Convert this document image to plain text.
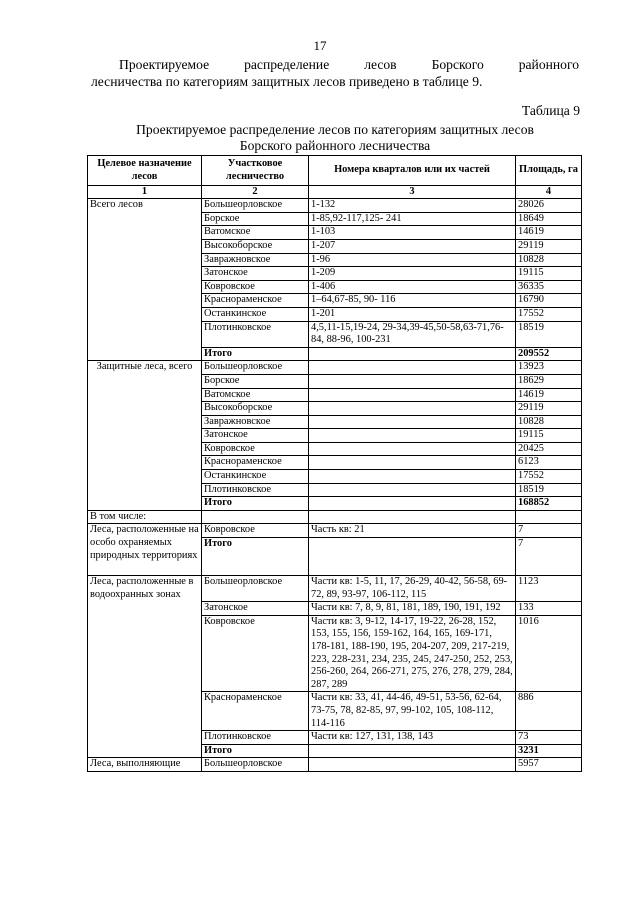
17

Проектируемое распределение лесов Борского районного
лесничества по категориям защитных лесов приведено в таблице 9.

Таблица 9
Проектируемое распределение лесов по категориям защитных лесов
Борского районного лесничества
Целевое назначение лесов	Участковое лесничество	Номера кварталов или их частей	Площадь, га
1	2	3	4
Всего лесов	Большеорловское	1-132	28026
	Борское	1-85,92-117,125- 241	18649
	Ватомское	1-103	14619
	Высокоборское	1-207	29119
	Завражновское	1-96	10828
	Затонское	1-209	19115
	Ковровское	1-406	36335
	Краснораменское	1–64,67-85, 90- 116	16790
	Останкинское	1-201	17552
	Плотинковское	4,5,11-15,19-24, 29-34,39-45,50-58,63-71,76-84, 88-96, 100-231	18519
	Итого		209552
Защитные леса, всего	Большеорловское		13923
	Борское		18629
	Ватомское		14619
	Высокоборское		29119
	Завражновское		10828
	Затонское		19115
	Ковровское		20425
	Краснораменское		6123
	Останкинское		17552
	Плотинковское		18519
	Итого		168852
В том числе:			
Леса, расположенные на особо охраняемых природных территориях	Ковровское	Часть кв: 21	7
	Итого		7
Леса, расположенные в водоохранных зонах	Большеорловское	Части кв: 1-5, 11, 17, 26-29, 40-42, 56-58, 69-72, 89, 93-97, 106-112, 115	1123
	Затонское	Части кв: 7, 8, 9, 81, 181, 189, 190, 191, 192	133
	Ковровское	Части кв: 3, 9-12, 14-17, 19-22, 26-28, 152, 153, 155, 156, 159-162, 164, 165, 169-171, 178-181, 188-190, 195, 204-207, 209, 217-219, 223, 228-231, 234, 235, 245, 247-250, 252, 253, 256-260, 264, 266-271, 275, 276, 278, 279, 284, 287, 289	1016
	Краснораменское	Части кв: 33, 41, 44-46, 49-51, 53-56, 62-64, 73-75, 78, 82-85, 97, 99-102, 105, 108-112, 114-116	886
	Плотинковское	Части кв: 127, 131, 138, 143	73
	Итого		3231
Леса, выполняющие	Большеорловское		5957
